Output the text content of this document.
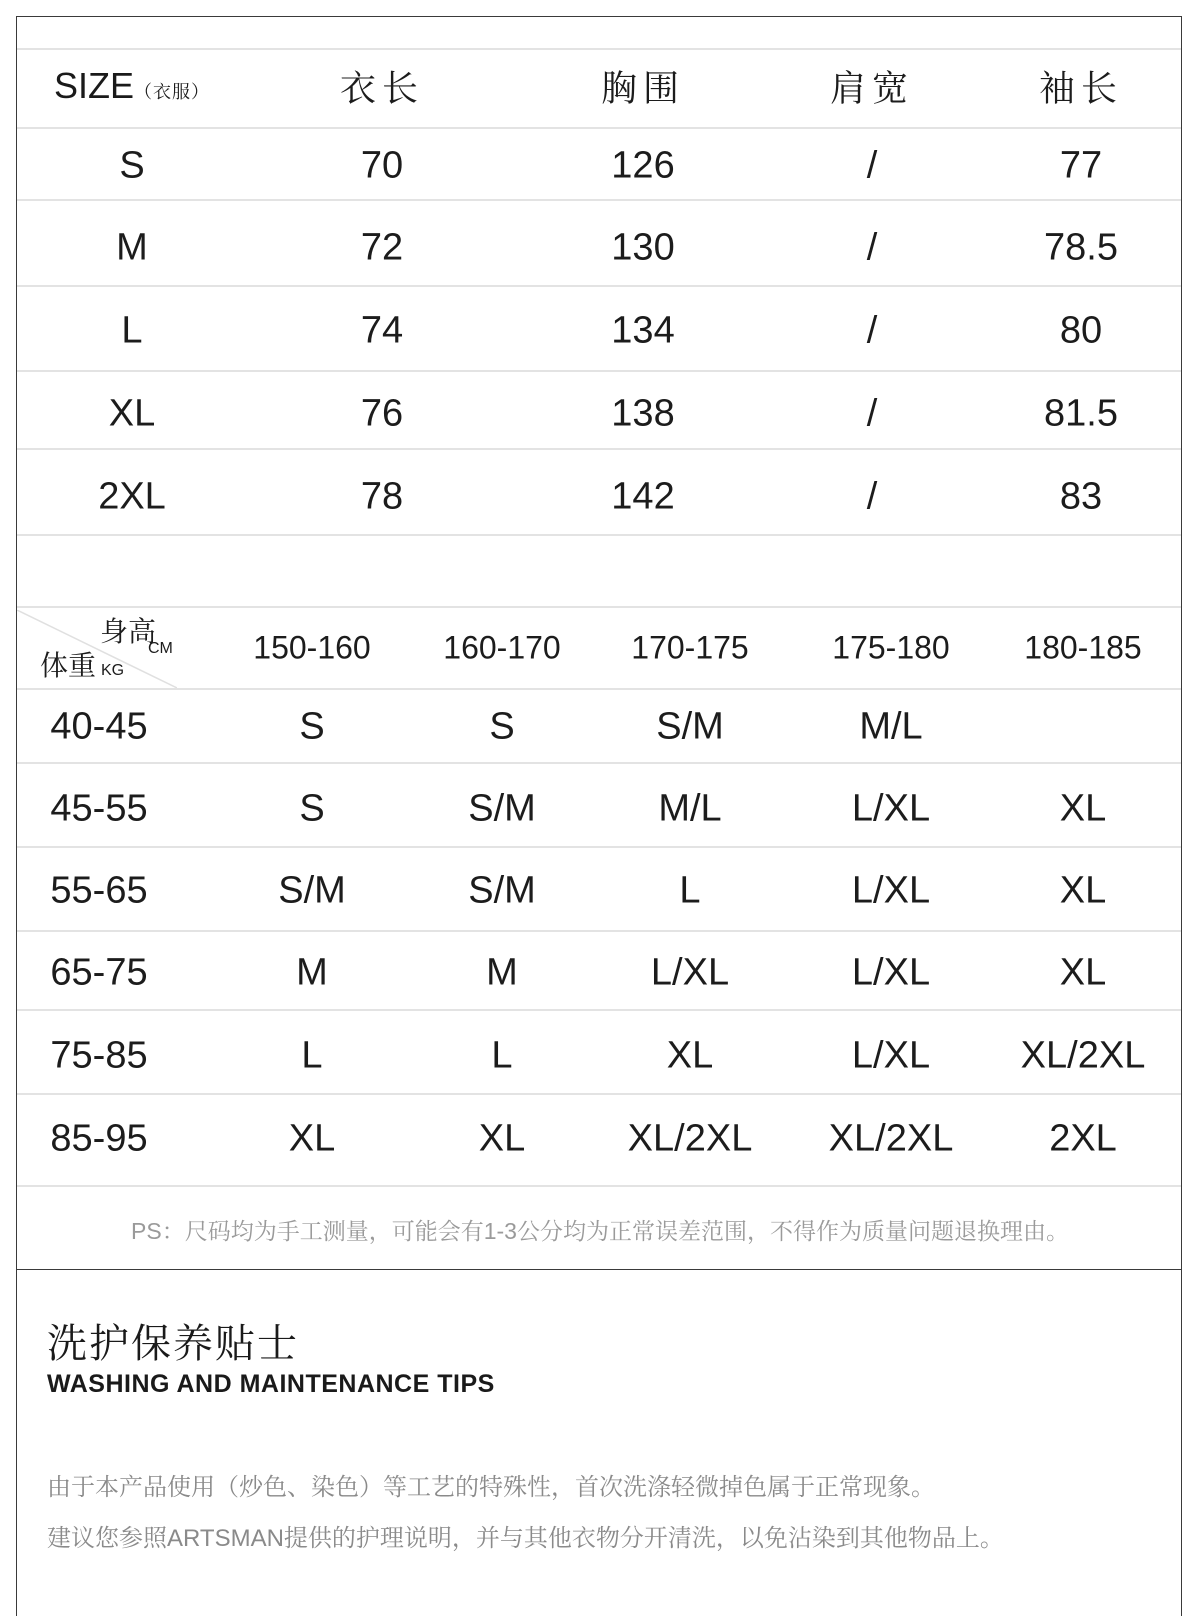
SIZE（衣服）	衣长	胸围	肩宽	袖长
S	70	126	/	77
M	72	130	/	78.5
L	74	134	/	80
XL	76	138	/	81.5
2XL	78	142	/	83
身高
CM
体重 KG
150-160 160-170 170-175	175-180 180-185
40-45	S	S	S/M	M/L
45-55	S	S/M	M/L	L/XL	XL
55-65	S/M	S/M	L	L/XL	XL
65-75	M	M	L/XL	L/XL	XL
75-85	L	L	XL	L/XL XL/2XL
85-95	XL	XL	XL/2XL XL/2XL	2XL
PS：尺码均为手工测量，可能会有1-3公分均为正常误差范围，不得作为质量问题退换理由。
洗护保养贴士
WASHING AND MAINTENANCE TIPS
由于本产品使用（炒色、染色）等工艺的特殊性，首次洗涤轻微掉色属于正常现象。
建议您参照ARTSMAN提供的护理说明，并与其他衣物分开清洗，以免沾染到其他物品上。
